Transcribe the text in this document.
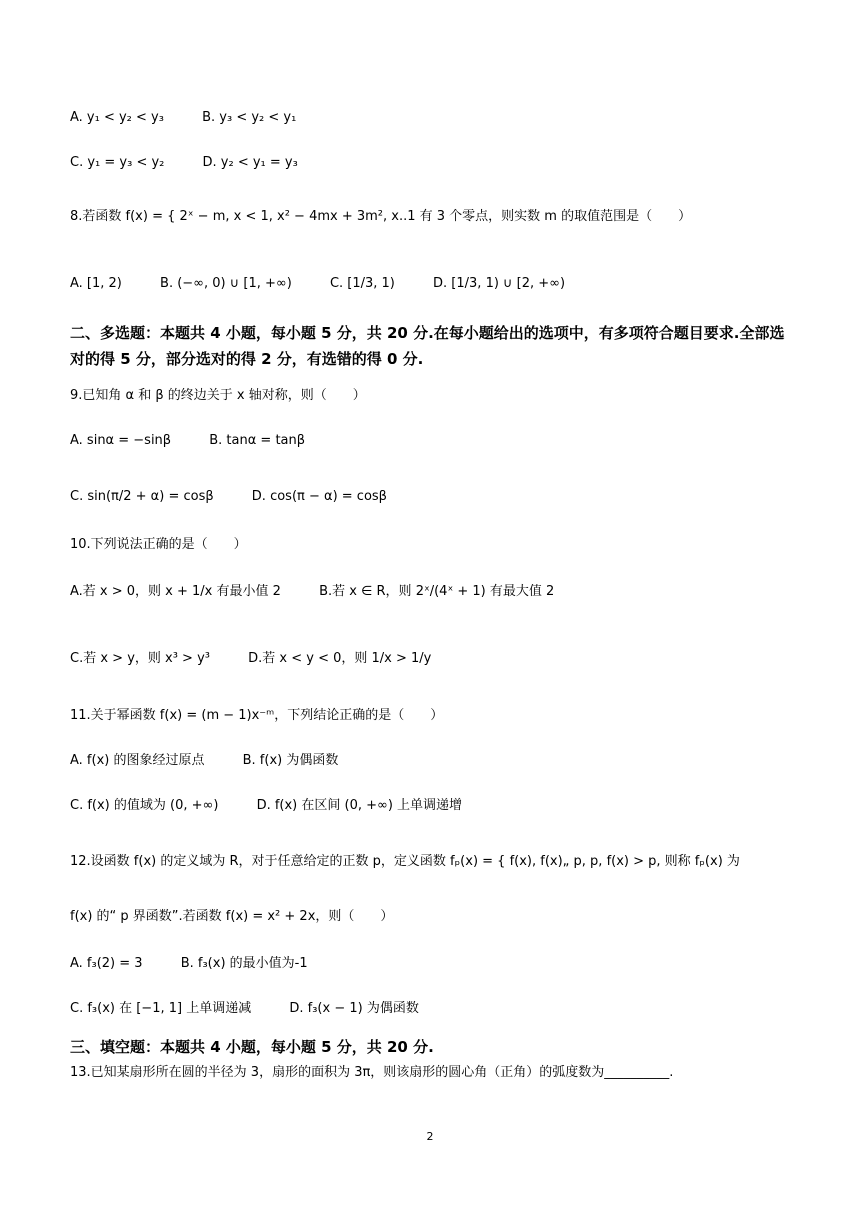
A. y₁ < y₂ < y₃	B. y₃ < y₂ < y₁
C. y₁ = y₃ < y₂	D. y₂ < y₁ = y₃
8.若函数 f(x) = { 2ˣ − m, x < 1, x² − 4mx + 3m², x..1 有 3 个零点，则实数 m 的取值范围是（　　）
A. [1, 2)	B. (−∞, 0) ∪ [1, +∞)	C. [1/3, 1)	D. [1/3, 1) ∪ [2, +∞)
二、多选题：本题共 4 小题，每小题 5 分，共 20 分.在每小题给出的选项中，有多项符合题目要求.全部选对的得 5 分，部分选对的得 2 分，有选错的得 0 分.
9.已知角 α 和 β 的终边关于 x 轴对称，则（　　）
A. sinα = −sinβ	B. tanα = tanβ
C. sin(π/2 + α) = cosβ	D. cos(π − α) = cosβ
10.下列说法正确的是（　　）
A.若 x > 0，则 x + 1/x 有最小值 2	B.若 x ∈ R，则 2ˣ/(4ˣ + 1) 有最大值 2
C.若 x > y，则 x³ > y³	D.若 x < y < 0，则 1/x > 1/y
11.关于幂函数 f(x) = (m − 1)x⁻ᵐ，下列结论正确的是（　　）
A. f(x) 的图象经过原点	B. f(x) 为偶函数
C. f(x) 的值域为 (0, +∞)	D. f(x) 在区间 (0, +∞) 上单调递增
12.设函数 f(x) 的定义域为 R，对于任意给定的正数 p，定义函数 fₚ(x) = { f(x), f(x)„ p, p, f(x) > p, 则称 fₚ(x) 为
f(x) 的“ p 界函数”.若函数 f(x) = x² + 2x，则（　　）
A. f₃(2) = 3	B. f₃(x) 的最小值为-1
C. f₃(x) 在 [−1, 1] 上单调递减	D. f₃(x − 1) 为偶函数
三、填空题：本题共 4 小题，每小题 5 分，共 20 分.
13.已知某扇形所在圆的半径为 3，扇形的面积为 3π，则该扇形的圆心角（正角）的弧度数为__________.
2
